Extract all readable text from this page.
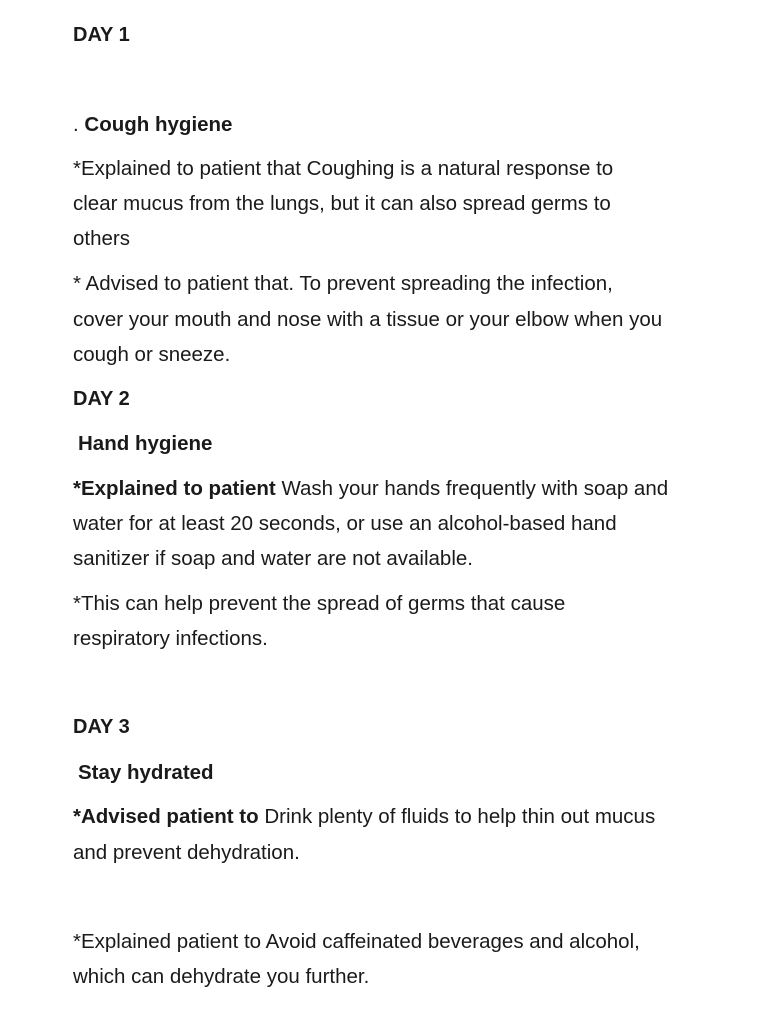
DAY 1
. Cough hygiene
*Explained to patient that Coughing is a natural response to
clear mucus from the lungs, but it can also spread germs to
others
* Advised to patient that. To prevent spreading the infection,
cover your mouth and nose with a tissue or your elbow when you
cough or sneeze.
DAY 2
Hand hygiene
*Explained to patient Wash your hands frequently with soap and
water for at least 20 seconds, or use an alcohol-based hand
sanitizer if soap and water are not available.
*This can help prevent the spread of germs that cause
respiratory infections.
DAY 3
Stay hydrated
*Advised patient to Drink plenty of fluids to help thin out mucus
and prevent dehydration.
*Explained patient to Avoid caffeinated beverages and alcohol,
which can dehydrate you further.
